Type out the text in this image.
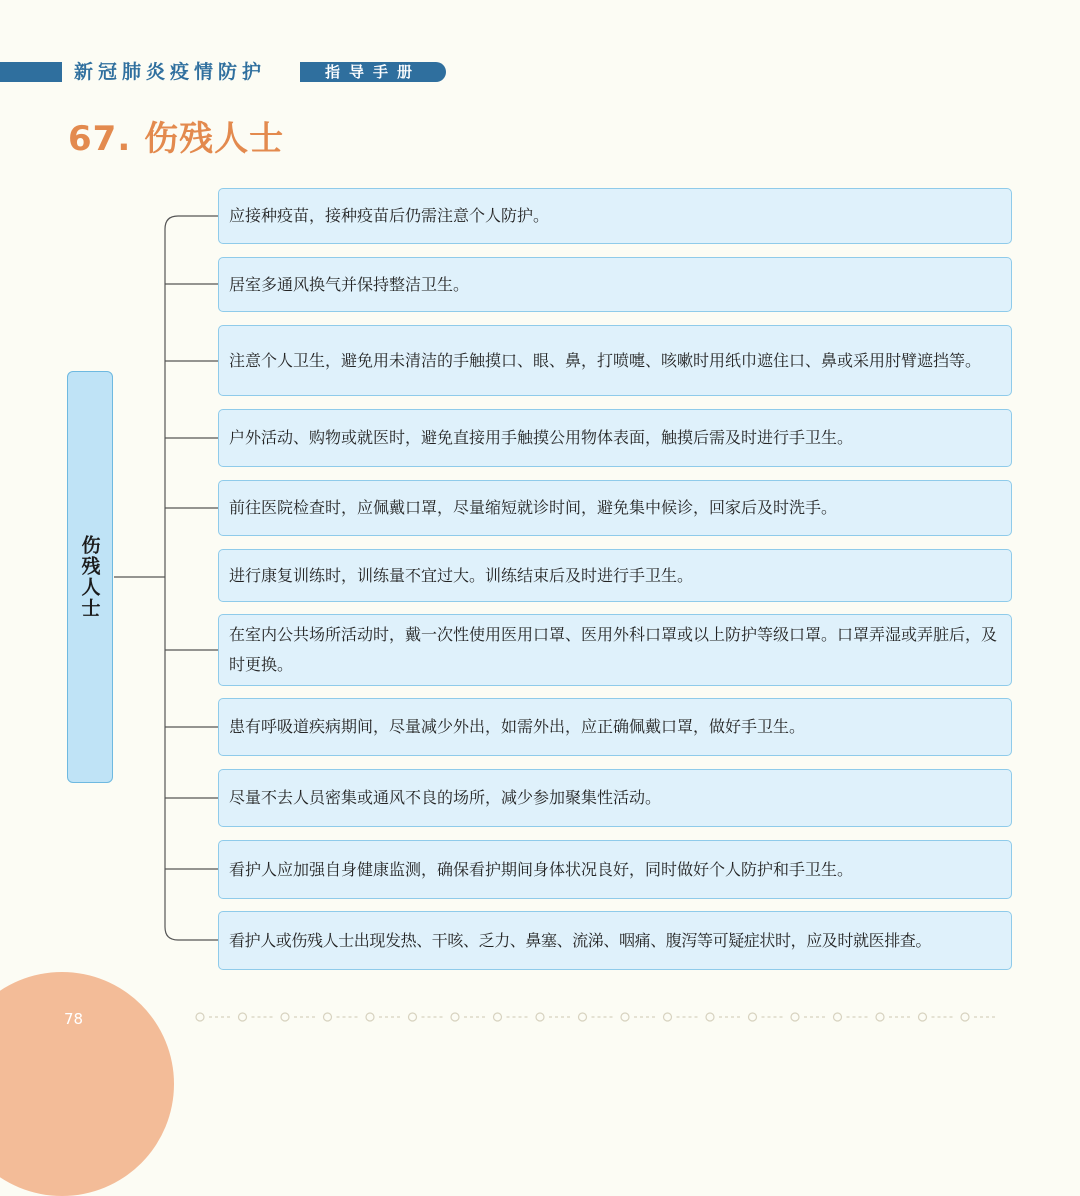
新冠肺炎疫情防护	指导手册
67. 伤残人士
伤残人士
应接种疫苗，接种疫苗后仍需注意个人防护。
居室多通风换气并保持整洁卫生。
注意个人卫生，避免用未清洁的手触摸口、眼、鼻，打喷嚏、咳嗽时用纸巾遮住口、鼻或采用肘臂遮挡等。
户外活动、购物或就医时，避免直接用手触摸公用物体表面，触摸后需及时进行手卫生。
前往医院检查时，应佩戴口罩，尽量缩短就诊时间，避免集中候诊，回家后及时洗手。
进行康复训练时，训练量不宜过大。训练结束后及时进行手卫生。
在室内公共场所活动时，戴一次性使用医用口罩、医用外科口罩或以上防护等级口罩。口罩弄湿或弄脏后，及时更换。
患有呼吸道疾病期间，尽量减少外出，如需外出，应正确佩戴口罩，做好手卫生。
尽量不去人员密集或通风不良的场所，减少参加聚集性活动。
看护人应加强自身健康监测，确保看护期间身体状况良好，同时做好个人防护和手卫生。
看护人或伤残人士出现发热、干咳、乏力、鼻塞、流涕、咽痛、腹泻等可疑症状时，应及时就医排查。
78
